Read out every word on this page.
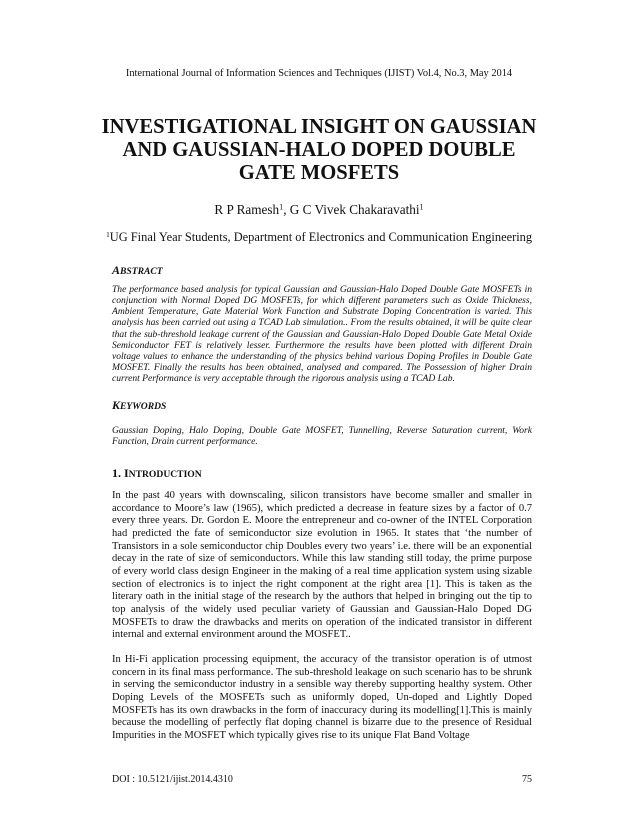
International Journal of Information Sciences and Techniques (IJIST) Vol.4, No.3, May 2014
INVESTIGATIONAL INSIGHT ON GAUSSIAN AND GAUSSIAN-HALO DOPED DOUBLE GATE MOSFETS
R P Ramesh$^1$, G C Vivek Chakaravathi$^1$
$^1$UG Final Year Students, Department of Electronics and Communication Engineering
ABSTRACT

The performance based analysis for typical Gaussian and Gaussian-Halo Doped Double Gate MOSFETs in conjunction with Normal Doped DG MOSFETs, for which different parameters such as Oxide Thickness, Ambient Temperature, Gate Material Work Function and Substrate Doping Concentration is varied. This analysis has been carried out using a TCAD Lab simulation.. From the results obtained, it will be quite clear that the sub-threshold leakage current of the Gaussian and Gaussian-Halo Doped Double Gate Metal Oxide Semiconductor FET is relatively lesser. Furthermore the results have been plotted with different Drain voltage values to enhance the understanding of the physics behind various Doping Profiles in Double Gate MOSFET. Finally the results has been obtained, analysed and compared. The Possession of higher Drain current Performance is very acceptable through the rigorous analysis using a TCAD Lab.

KEYWORDS

Gaussian Doping, Halo Doping, Double Gate MOSFET, Tunnelling, Reverse Saturation current, Work Function, Drain current performance.

1. INTRODUCTION

In the past 40 years with downscaling, silicon transistors have become smaller and smaller in accordance to Moore’s law (1965), which predicted a decrease in feature sizes by a factor of 0.7 every three years. Dr. Gordon E. Moore the entrepreneur and co-owner of the INTEL Corporation had predicted the fate of semiconductor size evolution in 1965. It states that ‘the number of Transistors in a sole semiconductor chip Doubles every two years’ i.e. there will be an exponential decay in the rate of size of semiconductors. While this law standing still today, the prime purpose of every world class design Engineer in the making of a real time application system using sizable section of electronics is to inject the right component at the right area [1]. This is taken as the literary oath in the initial stage of the research by the authors that helped in bringing out the tip to top analysis of the widely used peculiar variety of Gaussian and Gaussian-Halo Doped DG MOSFETs to draw the drawbacks and merits on operation of the indicated transistor in different internal and external environment around the MOSFET..

In Hi-Fi application processing equipment, the accuracy of the transistor operation is of utmost concern in its final mass performance. The sub-threshold leakage on such scenario has to be shrunk in serving the semiconductor industry in a sensible way thereby supporting healthy system. Other Doping Levels of the MOSFETs such as uniformly doped, Un-doped and Lightly Doped MOSFETs has its own drawbacks in the form of inaccuracy during its modelling[1].This is mainly because the modelling of perfectly flat doping channel is bizarre due to the presence of Residual Impurities in the MOSFET which typically gives rise to its unique Flat Band Voltage

DOI : 10.5121/ijist.2014.4310	75
